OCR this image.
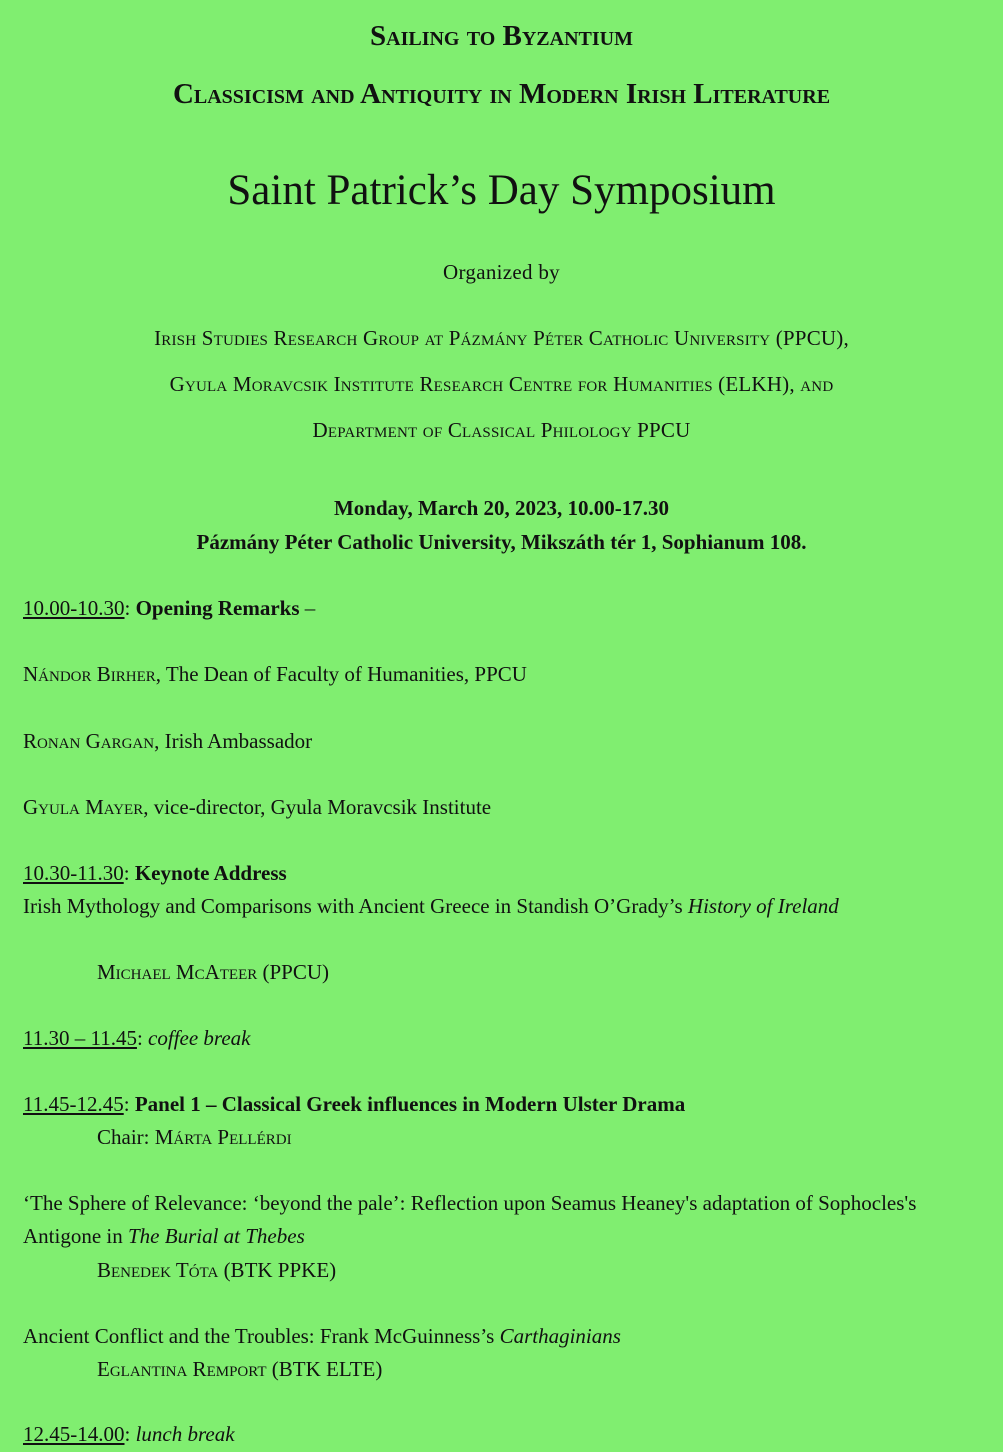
Sailing to Byzantium
Classicism and Antiquity in Modern Irish Literature
Saint Patrick’s Day Symposium
Organized by
Irish Studies Research Group at Pázmány Péter Catholic University (PPCU),
Gyula Moravcsik Institute Research Centre for Humanities (ELKH), and
Department of Classical Philology PPCU
Monday, March 20, 2023, 10.00-17.30
Pázmány Péter Catholic University, Mikszáth tér 1, Sophianum 108.
10.00-10.30: Opening Remarks –
Nándor Birher, The Dean of Faculty of Humanities, PPCU
Ronan Gargan, Irish Ambassador
Gyula Mayer, vice-director, Gyula Moravcsik Institute
10.30-11.30: Keynote Address
Irish Mythology and Comparisons with Ancient Greece in Standish O’Grady’s History of Ireland
Michael McAteer (PPCU)
11.30 – 11.45: coffee break
11.45-12.45: Panel 1 – Classical Greek influences in Modern Ulster Drama
Chair: Márta Pellérdi
‘The Sphere of Relevance: ‘beyond the pale’: Reflection upon Seamus Heaney's adaptation of Sophocles's Antigone in The Burial at Thebes
Benedek Tóta (BTK PPKE)
Ancient Conflict and the Troubles: Frank McGuinness’s Carthaginians
Eglantina Remport (BTK ELTE)
12.45-14.00: lunch break
